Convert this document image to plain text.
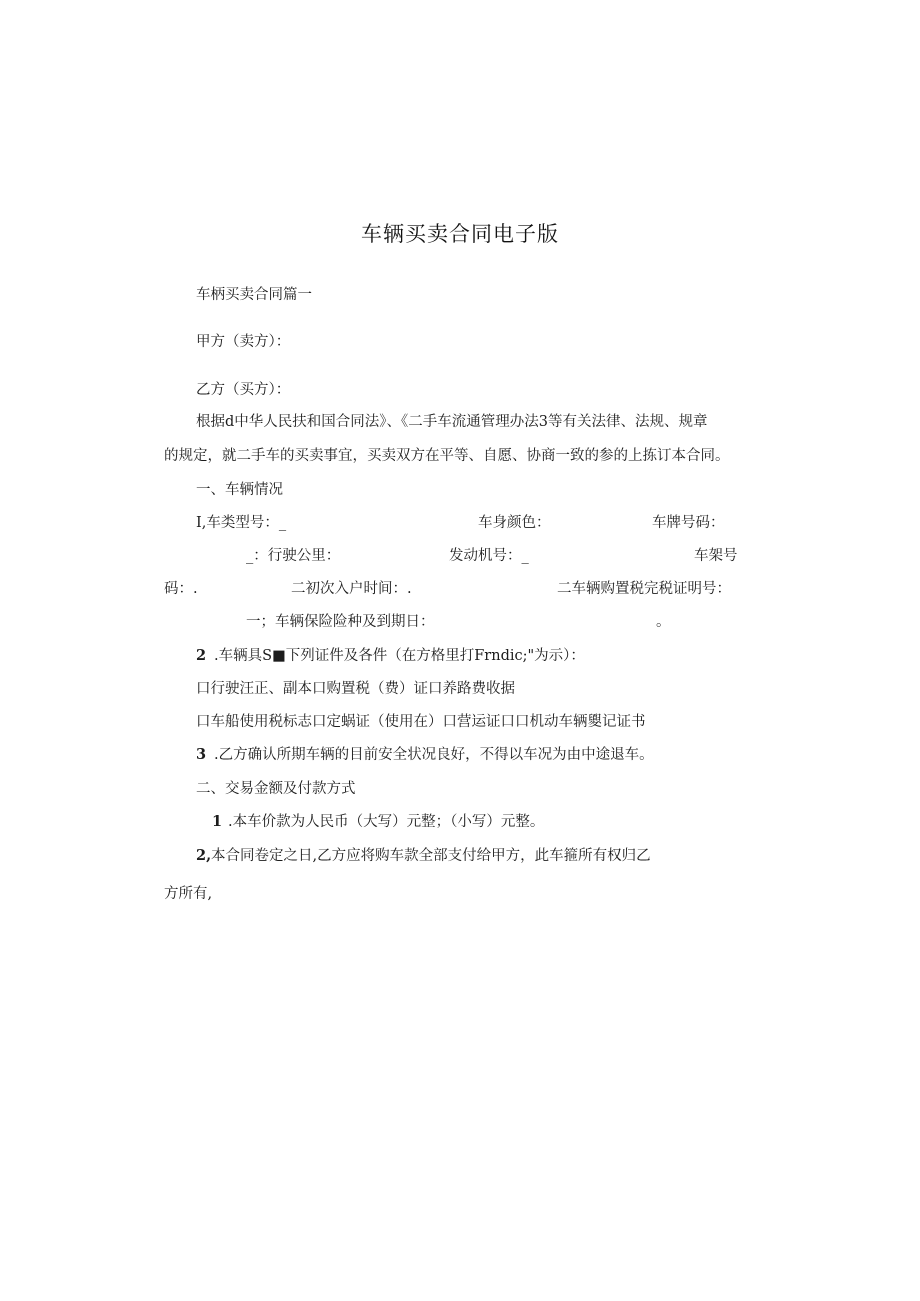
车辆买卖合同电子版
车柄买卖合同篇一
甲方（卖方）：
乙方（买方）：
根据d中华人民扶和国合同法》、《二手车流通管理办法3等有关法律、法规、规章
的规定，就二手车的买卖事宜，买卖双方在平等、自愿、协商一致的参的上拣订本合同。
一、车辆情况
I,车类型号：_	车身颜色：	车牌号码：
_：行驶公里：	发动机号：_	车架号
码：.	二初次入户时间：.	二车辆购置税完税证明号：
一；车辆保险险种及到期日：	。
2 .车辆具S■下列证件及各件（在方格里打Frndic;"为示）：
口行驶汪正、副本口购置税（费）证口养路费收据
口车船使用税标志口定蜗证（使用在）口营运证口口机动车辆夓记证书
3 .乙方确认所期车辆的目前安全状况良好，不得以车况为由中途退车。
二、交易金额及付款方式
1 .本车价款为人民币（大写）元整；（小写）元整。
2, 本合同卷定之日,乙方应将购车款全部支付给甲方，此车箍所有权归乙
方所有,
